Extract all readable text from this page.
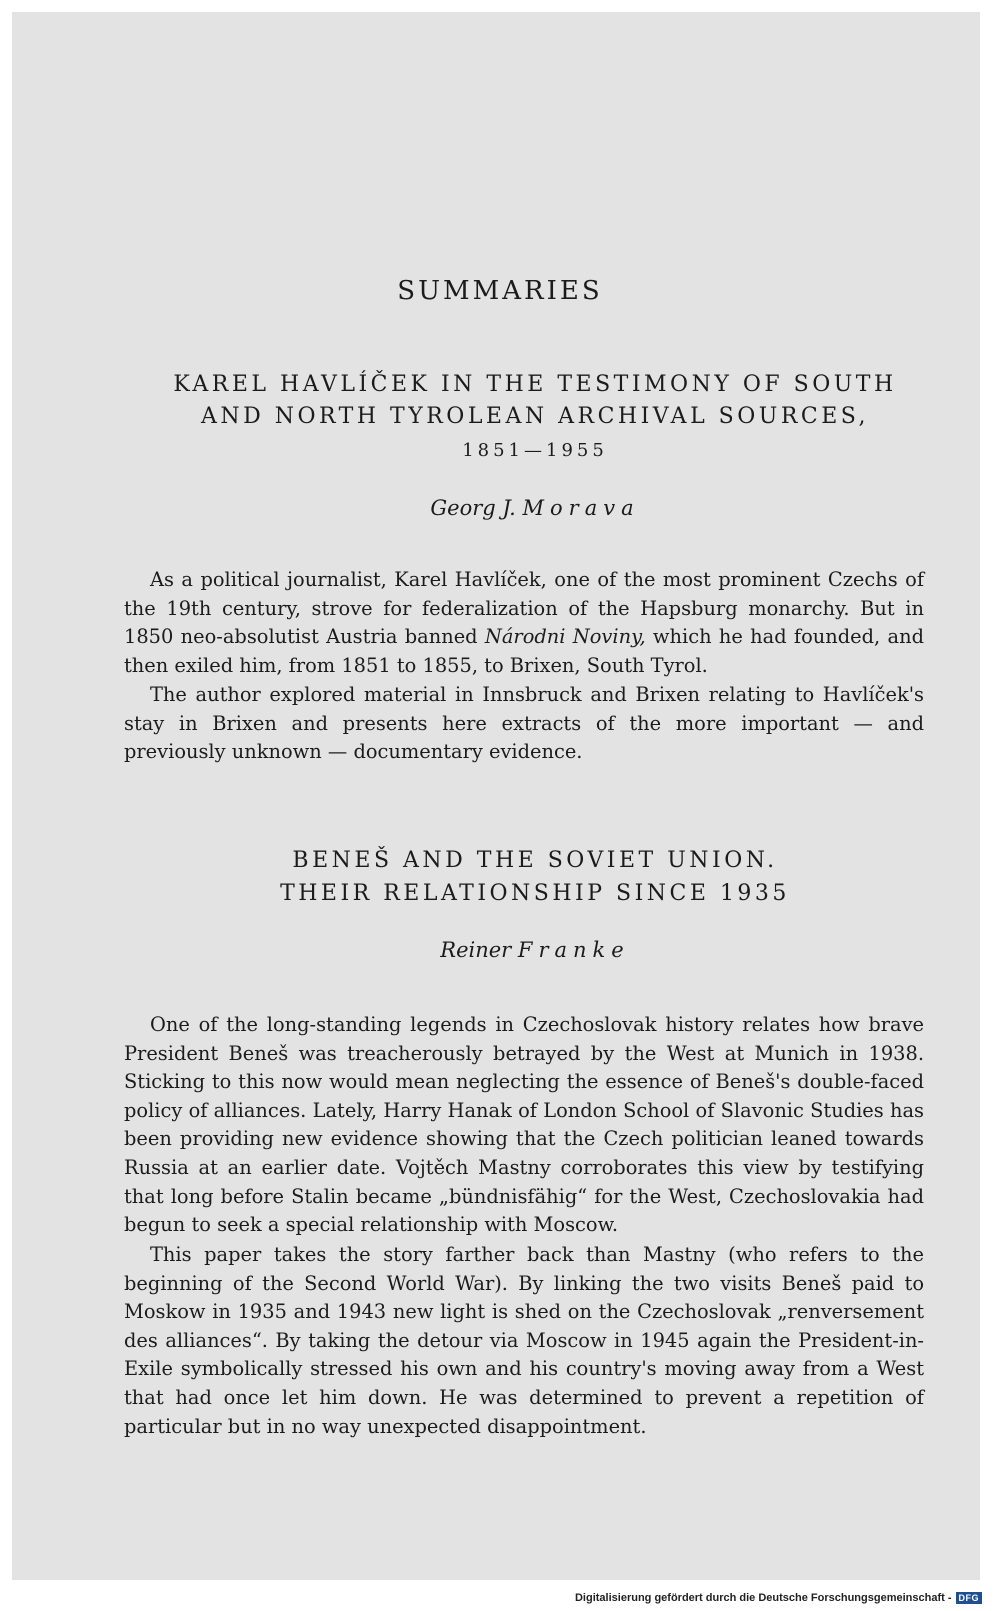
SUMMARIES
KAREL HAVLÍČEK IN THE TESTIMONY OF SOUTH
AND NORTH TYROLEAN ARCHIVAL SOURCES,
1851—1955
Georg J. Morava

As a political journalist, Karel Havlíček, one of the most prominent Czechs of the 19th century, strove for federalization of the Hapsburg monarchy. But in 1850 neo-absolutist Austria banned Národni Noviny, which he had founded, and then exiled him, from 1851 to 1855, to Brixen, South Tyrol.

The author explored material in Innsbruck and Brixen relating to Havlíček's stay in Brixen and presents here extracts of the more important — and previously unknown — documentary evidence.

BENEŠ AND THE SOVIET UNION.
THEIR RELATIONSHIP SINCE 1935
Reiner Franke

One of the long-standing legends in Czechoslovak history relates how brave President Beneš was treacherously betrayed by the West at Munich in 1938. Sticking to this now would mean neglecting the essence of Beneš's double-faced policy of alliances. Lately, Harry Hanak of London School of Slavonic Studies has been providing new evidence showing that the Czech politician leaned towards Russia at an earlier date. Vojtěch Mastny corroborates this view by testifying that long before Stalin became „bündnisfähig“ for the West, Czechoslovakia had begun to seek a special relationship with Moscow.

This paper takes the story farther back than Mastny (who refers to the beginning of the Second World War). By linking the two visits Beneš paid to Moskow in 1935 and 1943 new light is shed on the Czechoslovak „renversement des alliances“. By taking the detour via Moscow in 1945 again the President-in-Exile symbolically stressed his own and his country's moving away from a West that had once let him down. He was determined to prevent a repetition of particular but in no way unexpected disappointment.

Digitalisierung gefördert durch die Deutsche Forschungsgemeinschaft - DFG
